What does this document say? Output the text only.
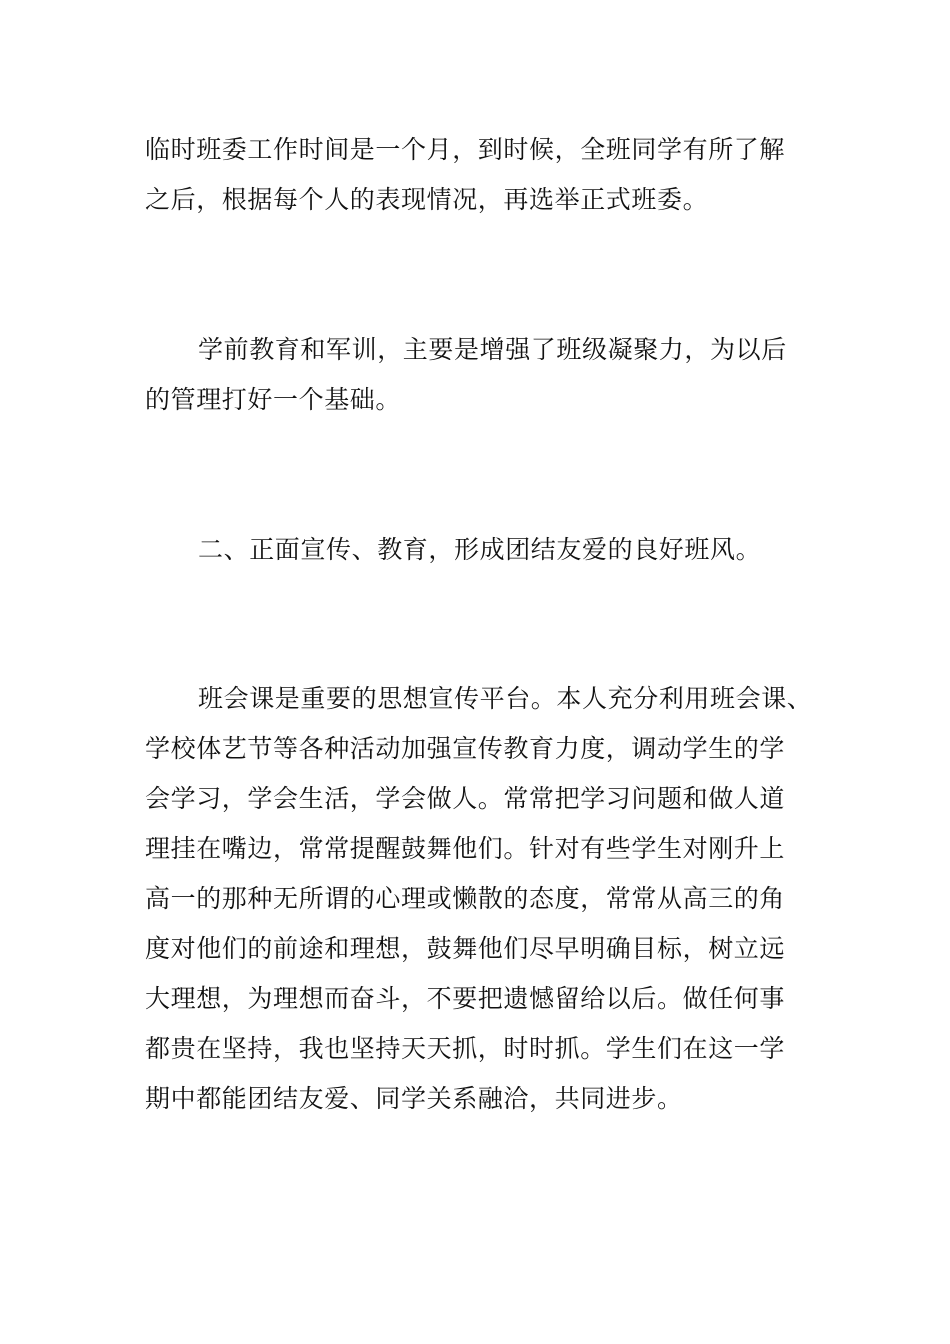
临时班委工作时间是一个月，到时候，全班同学有所了解
之后，根据每个人的表现情况，再选举正式班委。
学前教育和军训，主要是增强了班级凝聚力，为以后
的管理打好一个基础。
二、正面宣传、教育，形成团结友爱的良好班风。
班会课是重要的思想宣传平台。本人充分利用班会课、
学校体艺节等各种活动加强宣传教育力度，调动学生的学
会学习，学会生活，学会做人。常常把学习问题和做人道
理挂在嘴边，常常提醒鼓舞他们。针对有些学生对刚升上
高一的那种无所谓的心理或懒散的态度，常常从高三的角
度对他们的前途和理想，鼓舞他们尽早明确目标，树立远
大理想，为理想而奋斗，不要把遗憾留给以后。做任何事
都贵在坚持，我也坚持天天抓，时时抓。学生们在这一学
期中都能团结友爱、同学关系融洽，共同进步。
